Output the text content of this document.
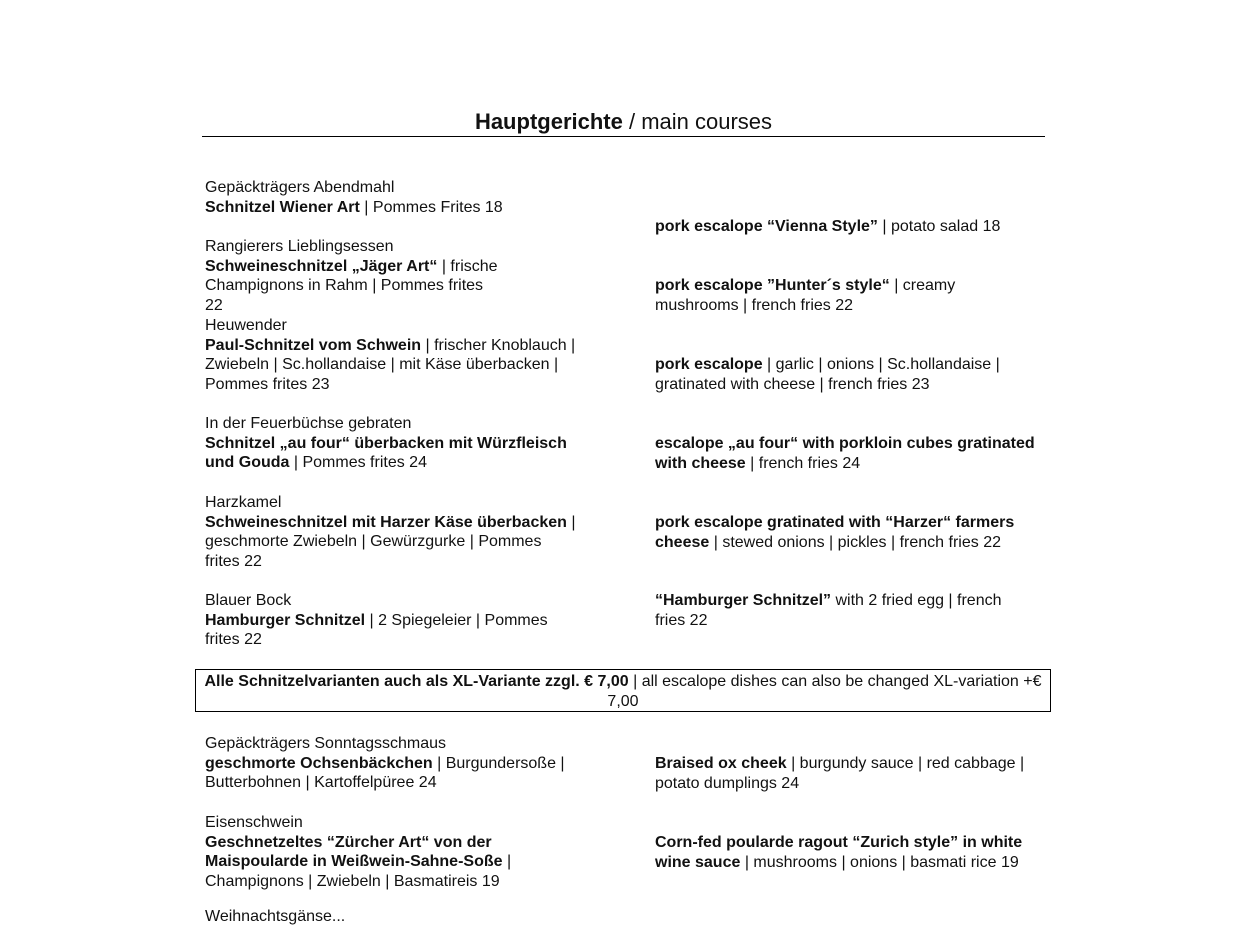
Hauptgerichte / main courses
Gepäckträgers Abendmahl
Schnitzel Wiener Art | Pommes Frites 18
Rangierers Lieblingsessen
Schweineschnitzel „Jäger Art“ | frische Champignons in Rahm | Pommes frites 22
Heuwender
Paul-Schnitzel vom Schwein | frischer Knoblauch | Zwiebeln | Sc.hollandaise | mit Käse überbacken | Pommes frites 23
In der Feuerbüchse gebraten
Schnitzel „au four“ überbacken mit Würzfleisch und Gouda | Pommes frites 24
Harzkamel
Schweineschnitzel mit Harzer Käse überbacken | geschmorte Zwiebeln | Gewürzgurke | Pommes frites 22
Blauer Bock
Hamburger Schnitzel | 2 Spiegeleier | Pommes frites 22
pork escalope “Vienna Style” | potato salad 18
pork escalope ”Hunter´s style“ | creamy mushrooms | french fries 22
pork escalope | garlic | onions | Sc.hollandaise | gratinated with cheese | french fries 23
escalope „au four“ with porkloin cubes gratinated with cheese | french fries 24
pork escalope gratinated with “Harzer“ farmers cheese | stewed onions | pickles | french fries 22
“Hamburger Schnitzel” with 2 fried egg | french fries 22
Alle Schnitzelvarianten auch als XL-Variante zzgl. € 7,00 | all escalope dishes can also be changed XL-variation +€ 7,00
Gepäckträgers Sonntagsschmaus
geschmorte Ochsenbäckchen | Burgundersoße | Butterbohnen | Kartoffelpüree 24
Eisenschwein
Geschnetzeltes “Zürcher Art“ von der Maispoularde in Weißwein-Sahne-Soße | Champignons | Zwiebeln | Basmatireis 19
Braised ox cheek | burgundy sauce | red cabbage | potato dumplings 24
Corn-fed poularde ragout “Zurich style” in white wine sauce | mushrooms | onions | basmati rice 19
Weihnachtsgänse...
